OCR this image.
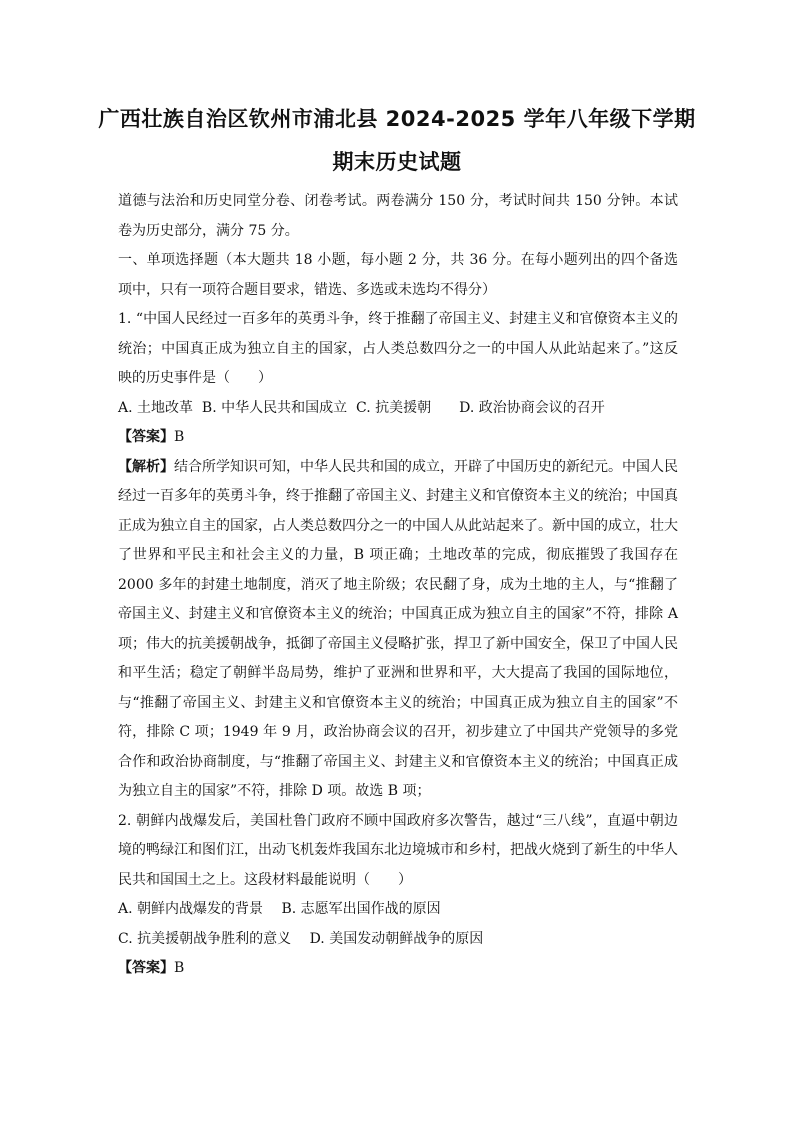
广西壮族自治区钦州市浦北县 2024-2025 学年八年级下学期
期末历史试题

道德与法治和历史同堂分卷、闭卷考试。两卷满分 150 分，考试时间共 150 分钟。本试卷为历史部分，满分 75 分。

一、单项选择题（本大题共 18 小题，每小题 2 分，共 36 分。在每小题列出的四个备选项中，只有一项符合题目要求，错选、多选或未选均不得分）

1. “中国人民经过一百多年的英勇斗争，终于推翻了帝国主义、封建主义和官僚资本主义的统治；中国真正成为独立自主的国家，占人类总数四分之一的中国人从此站起来了。”这反映的历史事件是（　　）

A. 土地改革  B. 中华人民共和国成立  C. 抗美援朝　　D. 政治协商会议的召开

【答案】B

【解析】结合所学知识可知，中华人民共和国的成立，开辟了中国历史的新纪元。中国人民经过一百多年的英勇斗争，终于推翻了帝国主义、封建主义和官僚资本主义的统治；中国真正成为独立自主的国家，占人类总数四分之一的中国人从此站起来了。新中国的成立，壮大了世界和平民主和社会主义的力量，B 项正确；土地改革的完成，彻底摧毁了我国存在 2000 多年的封建土地制度，消灭了地主阶级；农民翻了身，成为土地的主人，与“推翻了帝国主义、封建主义和官僚资本主义的统治；中国真正成为独立自主的国家”不符，排除 A 项；伟大的抗美援朝战争，抵御了帝国主义侵略扩张，捍卫了新中国安全，保卫了中国人民和平生活；稳定了朝鲜半岛局势，维护了亚洲和世界和平，大大提高了我国的国际地位，与“推翻了帝国主义、封建主义和官僚资本主义的统治；中国真正成为独立自主的国家”不符，排除 C 项；1949 年 9 月，政治协商会议的召开，初步建立了中国共产党领导的多党合作和政治协商制度，与“推翻了帝国主义、封建主义和官僚资本主义的统治；中国真正成为独立自主的国家”不符，排除 D 项。故选 B 项；

2. 朝鲜内战爆发后，美国杜鲁门政府不顾中国政府多次警告，越过“三八线”，直逼中朝边境的鸭绿江和图们江，出动飞机轰炸我国东北边境城市和乡村，把战火烧到了新生的中华人民共和国国土之上。这段材料最能说明（　　）

A. 朝鲜内战爆发的背景　 B. 志愿军出国作战的原因

C. 抗美援朝战争胜利的意义　 D. 美国发动朝鲜战争的原因

【答案】B
